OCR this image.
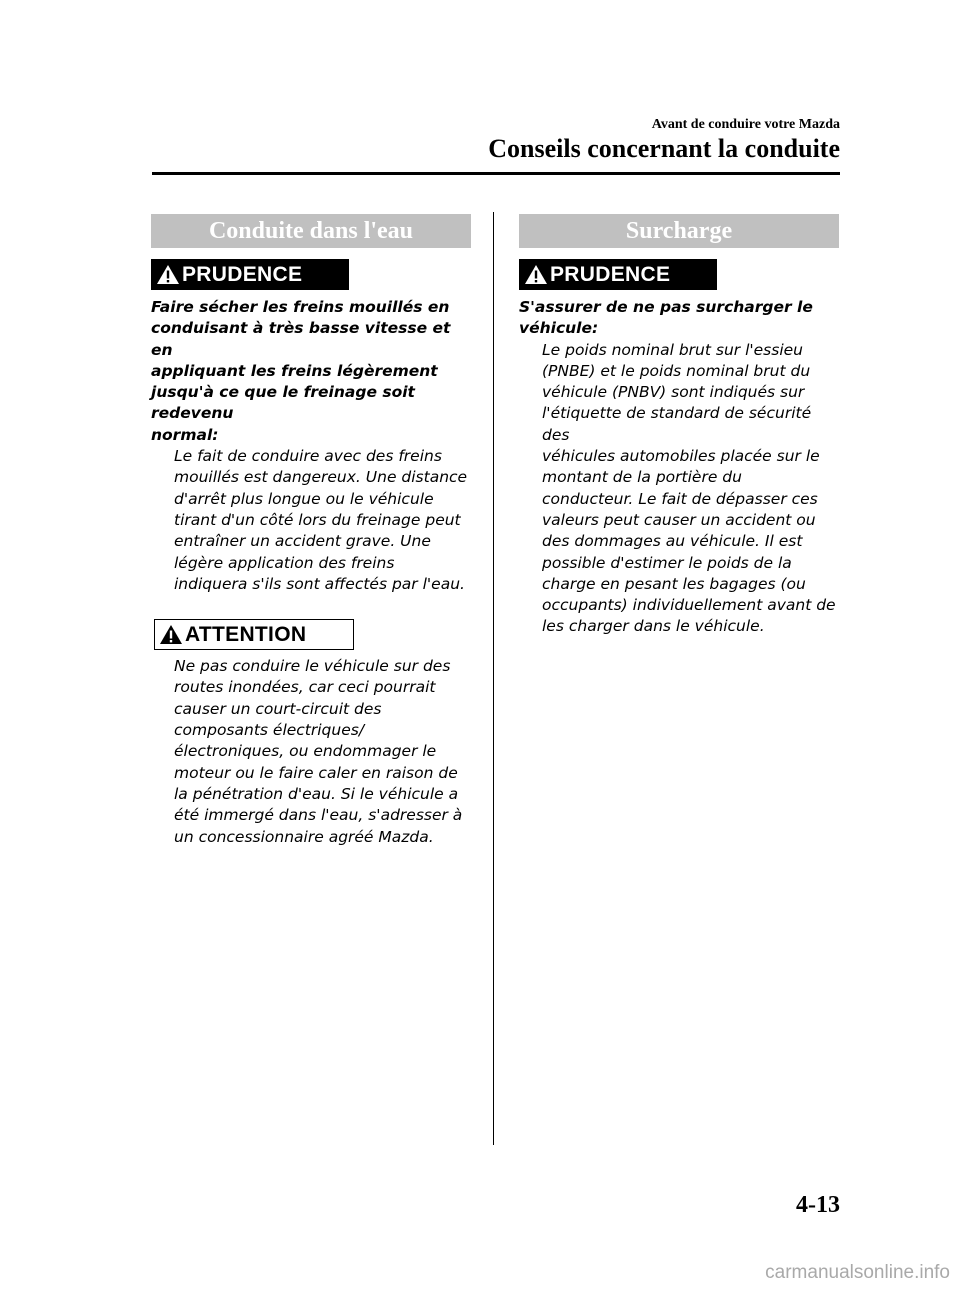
Avant de conduire votre Mazda
Conseils concernant la conduite
Conduite dans l'eau
PRUDENCE
Faire sécher les freins mouillés en
conduisant à très basse vitesse et en
appliquant les freins légèrement
jusqu'à ce que le freinage soit redevenu
normal:
Le fait de conduire avec des freins
mouillés est dangereux. Une distance
d'arrêt plus longue ou le véhicule
tirant d'un côté lors du freinage peut
entraîner un accident grave. Une
légère application des freins
indiquera s'ils sont affectés par l'eau.
ATTENTION
Ne pas conduire le véhicule sur des
routes inondées, car ceci pourrait
causer un court-circuit des
composants électriques/
électroniques, ou endommager le
moteur ou le faire caler en raison de
la pénétration d'eau. Si le véhicule a
été immergé dans l'eau, s'adresser à
un concessionnaire agréé Mazda.
Surcharge
PRUDENCE
S'assurer de ne pas surcharger le
véhicule:
Le poids nominal brut sur l'essieu
(PNBE) et le poids nominal brut du
véhicule (PNBV) sont indiqués sur
l'étiquette de standard de sécurité des
véhicules automobiles placée sur le
montant de la portière du
conducteur. Le fait de dépasser ces
valeurs peut causer un accident ou
des dommages au véhicule. Il est
possible d'estimer le poids de la
charge en pesant les bagages (ou
occupants) individuellement avant de
les charger dans le véhicule.
4-13
carmanualsonline.info
